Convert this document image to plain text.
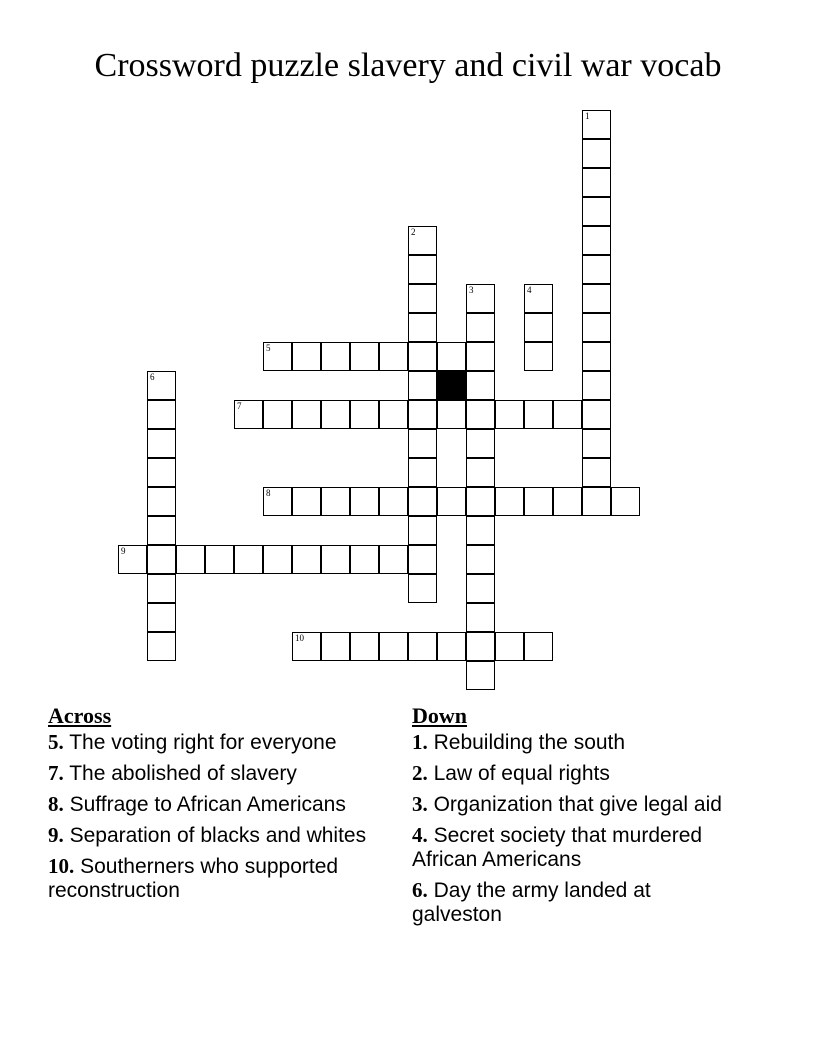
Crossword puzzle slavery and civil war vocab
1
2
3	4
5
6
7
8
9
10
Across
5. The voting right for everyone
7. The abolished of slavery
8. Suffrage to African Americans
9. Separation of blacks and whites
10. Southerners who supported reconstruction
Down
1. Rebuilding the south
2. Law of equal rights
3. Organization that give legal aid
4. Secret society that murdered African Americans
6. Day the army landed at galveston
